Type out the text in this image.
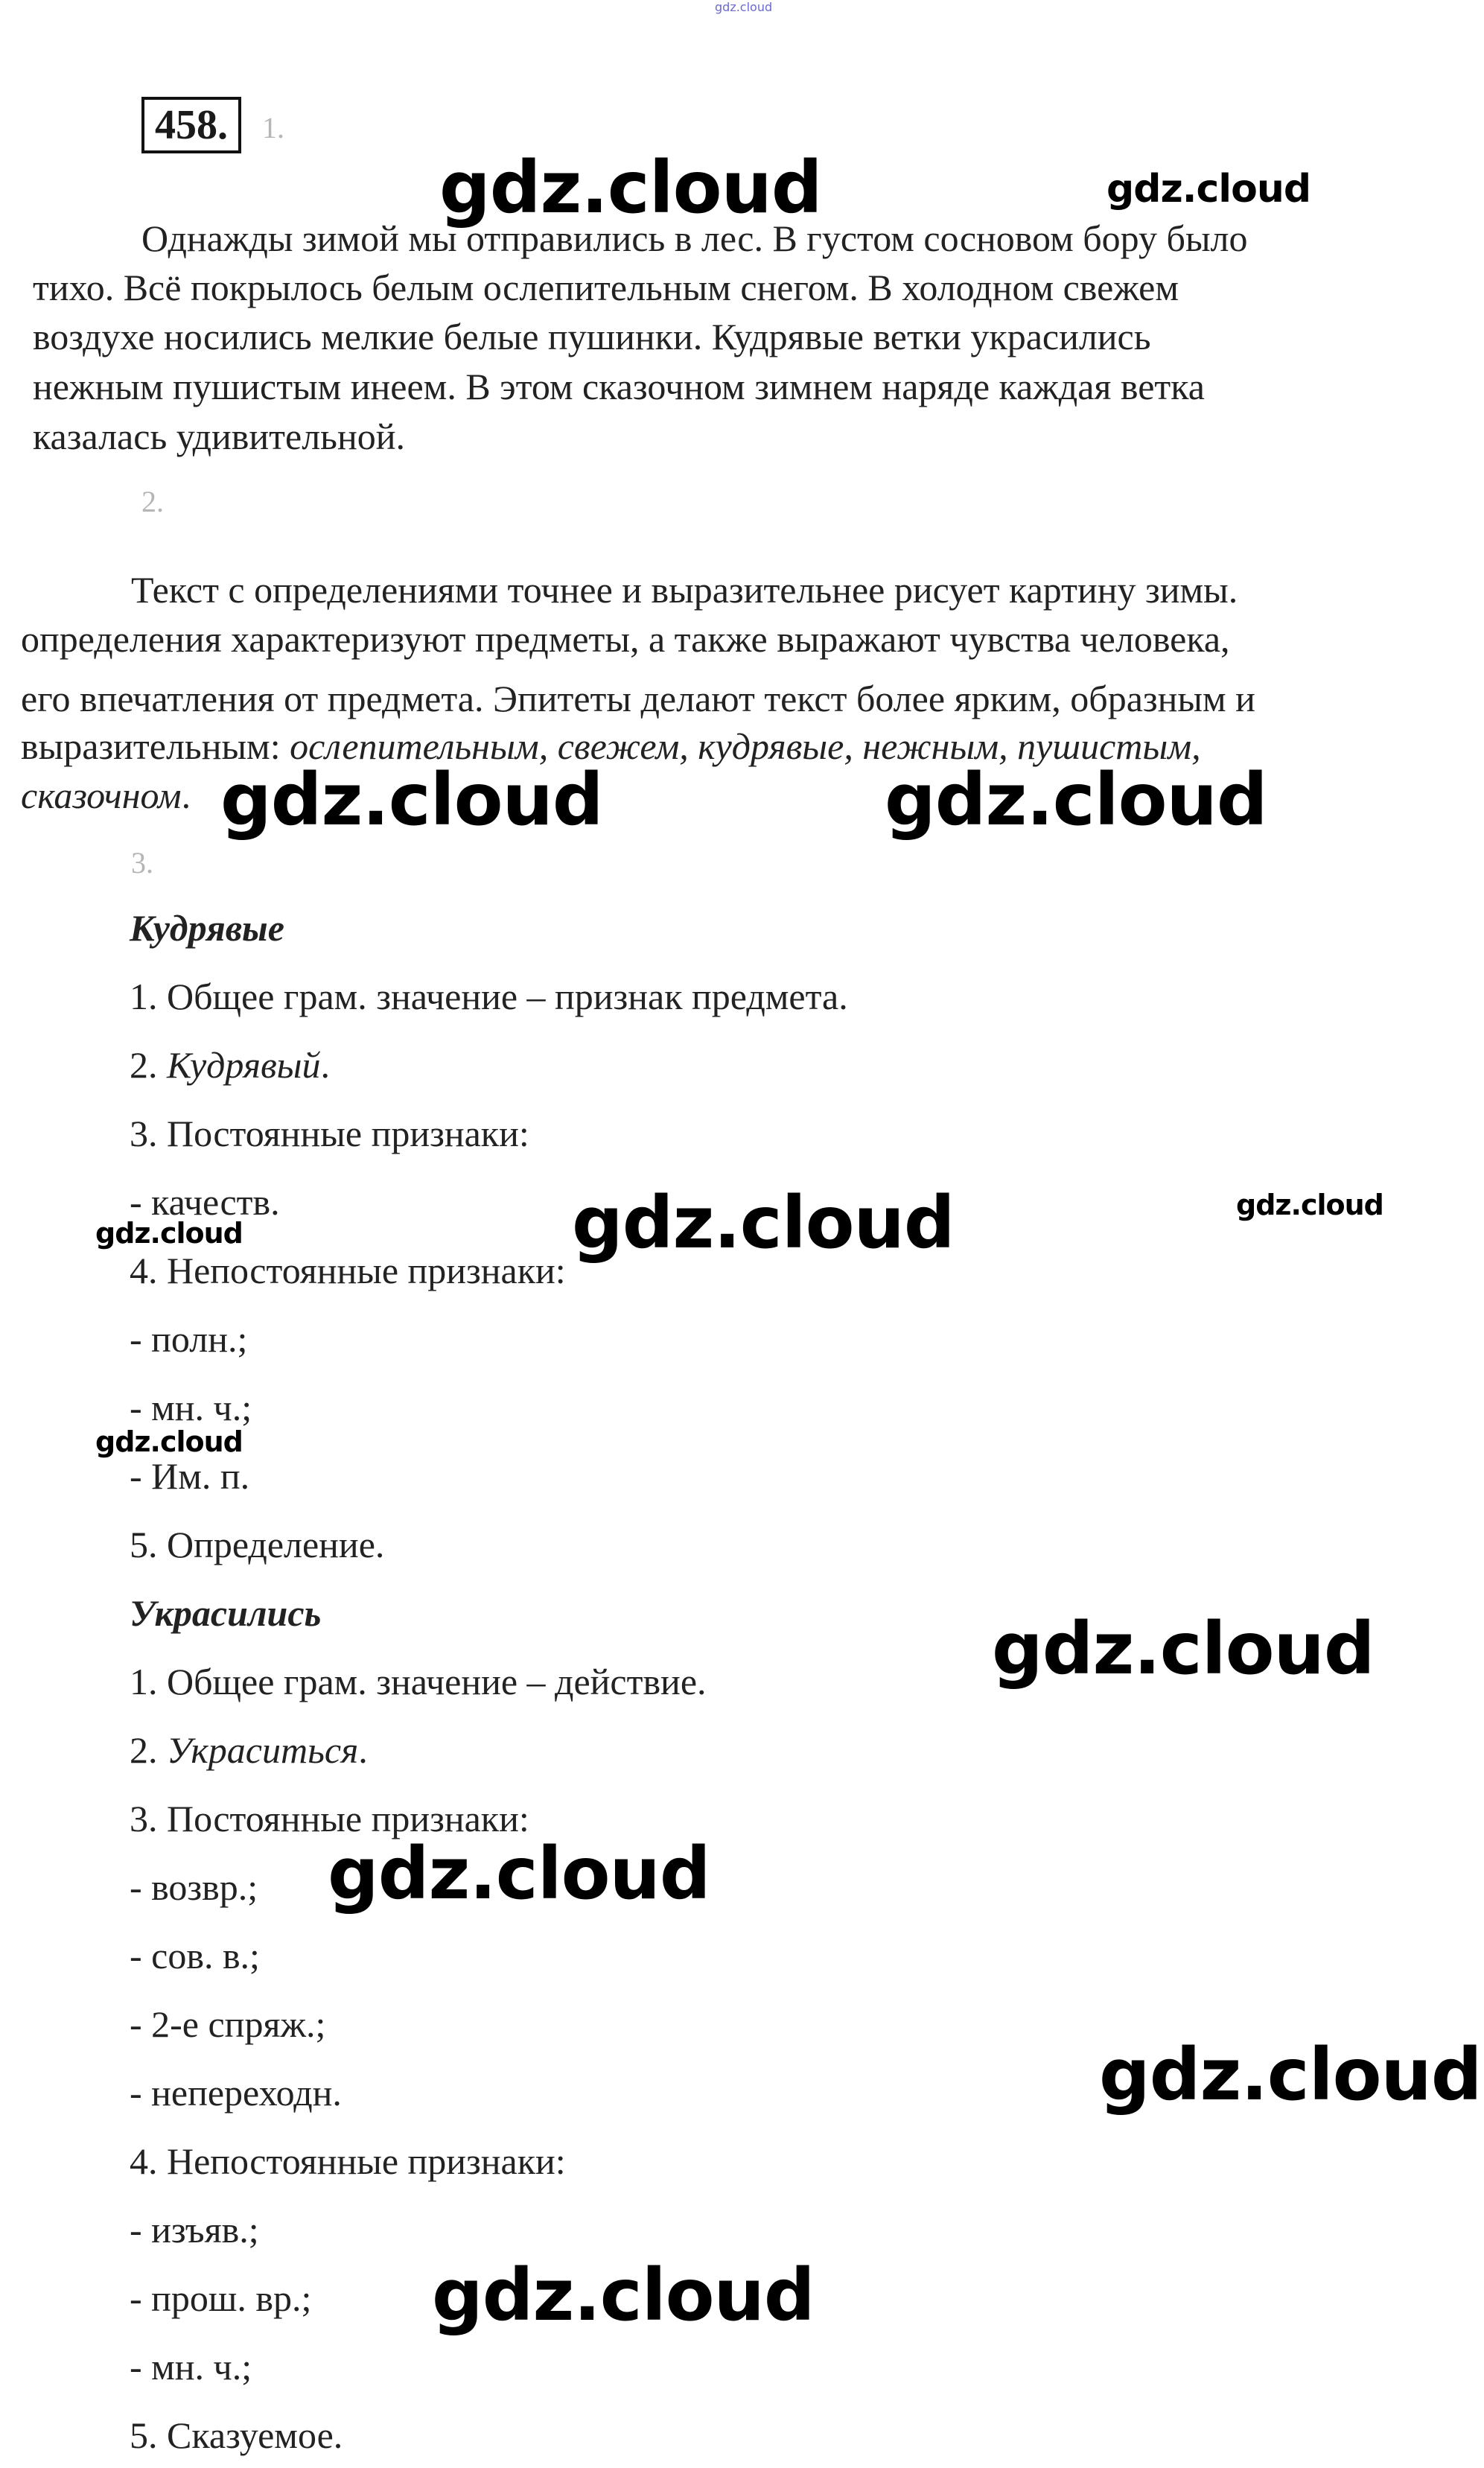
gdz.cloud
458.	1.
Однажды зимой мы отправились в лес. В густом сосновом бору было
тихо. Всё покрылось белым ослепительным снегом. В холодном свежем
воздухе носились мелкие белые пушинки. Кудрявые ветки украсились
нежным пушистым инеем. В этом сказочном зимнем наряде каждая ветка
казалась удивительной.
2.
Текст с определениями точнее и выразительнее рисует картину зимы.
определения характеризуют предметы, а также выражают чувства человека,
его впечатления от предмета. Эпитеты делают текст более ярким, образным и
выразительным: ослепительным, свежем, кудрявые, нежным, пушистым,
сказочном.
3.
Кудрявые
1. Общее грам. значение – признак предмета.
2. Кудрявый.
3. Постоянные признаки:
- качеств.
4. Непостоянные признаки:
- полн.;
- мн. ч.;
- Им. п.
5. Определение.
Украсились
1. Общее грам. значение – действие.
2. Украситься.
3. Постоянные признаки:
- возвр.;
- сов. в.;
- 2-е спряж.;
- непереходн.
4. Непостоянные признаки:
- изъяв.;
- прош. вр.;
- мн. ч.;
5. Сказуемое.
gdz.cloud	gdz.cloud
gdz.cloud	gdz.cloud
gdz.cloud	gdz.cloud
gdz.cloud
gdz.cloud
gdz.cloud
gdz.cloud
gdz.cloud
gdz.cloud
